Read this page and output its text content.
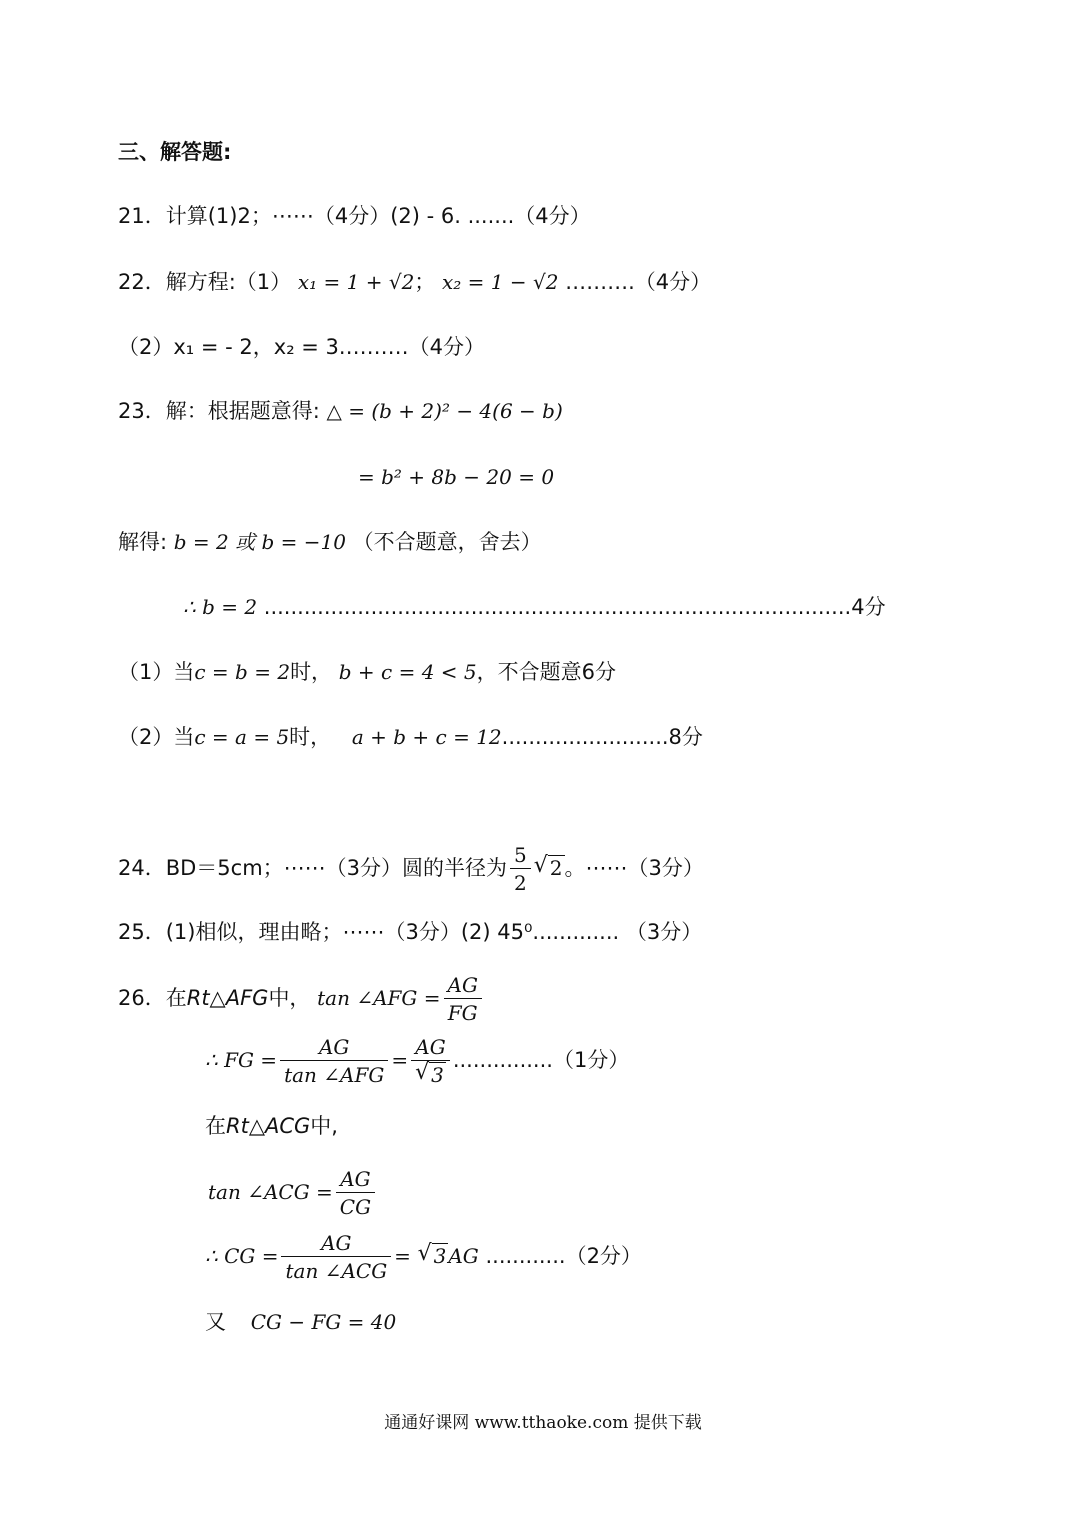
三、解答题:
21．计算(1)2；⋯⋯（4分）(2) - 6. .......（4分）
22．解方程:（1） x₁ = 1 + √2； x₂ = 1 − √2 ……….（4分）
（2）x₁ = - 2，x₂ = 3.………（4分）
23．解：根据题意得: △ = (b + 2)² − 4(6 − b)
= b² + 8b − 20 = 0
解得: b = 2 或 b = −10 （不合题意，舍去）
∴ b = 2 ........................................................................................4分
（1）当c = b = 2时， b + c = 4 < 5，不合题意6分
（2）当c = a = 5时， a + b + c = 12.........................8分
24．BD＝5cm；⋯⋯（3分）圆的半径为 $\frac{5}{2}$ √ 2。⋯⋯（3分）
25．(1)相似，理由略；⋯⋯（3分）(2) 45⁰............. （3分）
26．在Rt△AFG中， tan ∠AFG = $\frac{AG}{FG}$
∴ FG = $\frac{AG}{\text{tan ∠AFG}}$ = AG
√ 3 ...............（1分）
在Rt△ACG中,
tan ∠ACG = $\frac{AG}{CG}$
∴ CG = $\frac{AG}{\text{tan ∠ACG}}$ = √ 3 AG ............（2分）
又 CG − FG = 40
通通好课网 www.tthaoke.com 提供下载
